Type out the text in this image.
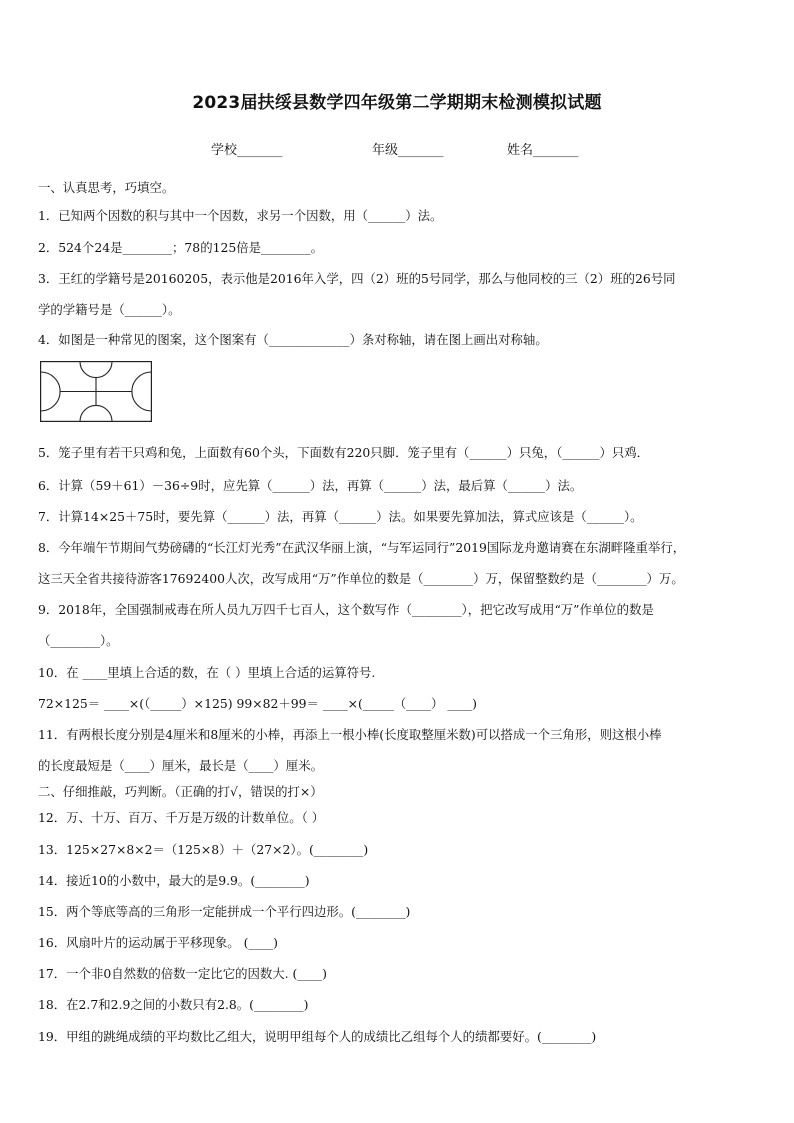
2023届扶绥县数学四年级第二学期期末检测模拟试题
学校_______	年级_______	姓名_______
一、认真思考，巧填空。
1．已知两个因数的积与其中一个因数，求另一个因数，用（______）法。
2．524个24是________；78的125倍是________。
3．王红的学籍号是20160205，表示他是2016年入学，四（2）班的5号同学，那么与他同校的三（2）班的26号同
学的学籍号是（______）。
4．如图是一种常见的图案，这个图案有（_____________）条对称轴，请在图上画出对称轴。
5．笼子里有若干只鸡和兔，上面数有60个头，下面数有220只脚．笼子里有（______）只兔，（______）只鸡．
6．计算（59＋61）－36÷9时，应先算（______）法，再算（______）法，最后算（______）法。
7．计算14×25＋75时，要先算（______）法，再算（______）法。如果要先算加法，算式应该是（______）。
8．今年端午节期间气势磅礴的“长江灯光秀”在武汉华丽上演，“与军运同行”2019国际龙舟邀请赛在东湖畔隆重举行，
这三天全省共接待游客17692400人次，改写成用“万”作单位的数是（________）万，保留整数约是（________）万。
9．2018年，全国强制戒毒在所人员九万四千七百人，这个数写作（________），把它改写成用“万”作单位的数是
（________）。
10．在 ____里填上合适的数，在（ ）里填上合适的运算符号.
72×125＝ ____×(（_____）×125) 99×82＋99＝ ____×(_____（____） ____)
11．有两根长度分别是4厘米和8厘米的小棒，再添上一根小棒(长度取整厘米数)可以搭成一个三角形，则这根小棒
的长度最短是（____）厘米，最长是（____）厘米。
二、仔细推敲，巧判断。（正确的打√，错误的打×）
12．万、十万、百万、千万是万级的计数单位。（ ）
13．125×27×8×2＝（125×8）＋（27×2）。(________)
14．接近10的小数中，最大的是9.9。(________)
15．两个等底等高的三角形一定能拼成一个平行四边形。(________)
16．风扇叶片的运动属于平移现象。 (____)
17．一个非0自然数的倍数一定比它的因数大. (____)
18．在2.7和2.9之间的小数只有2.8。(________)
19．甲组的跳绳成绩的平均数比乙组大，说明甲组每个人的成绩比乙组每个人的绩都要好。(________)
